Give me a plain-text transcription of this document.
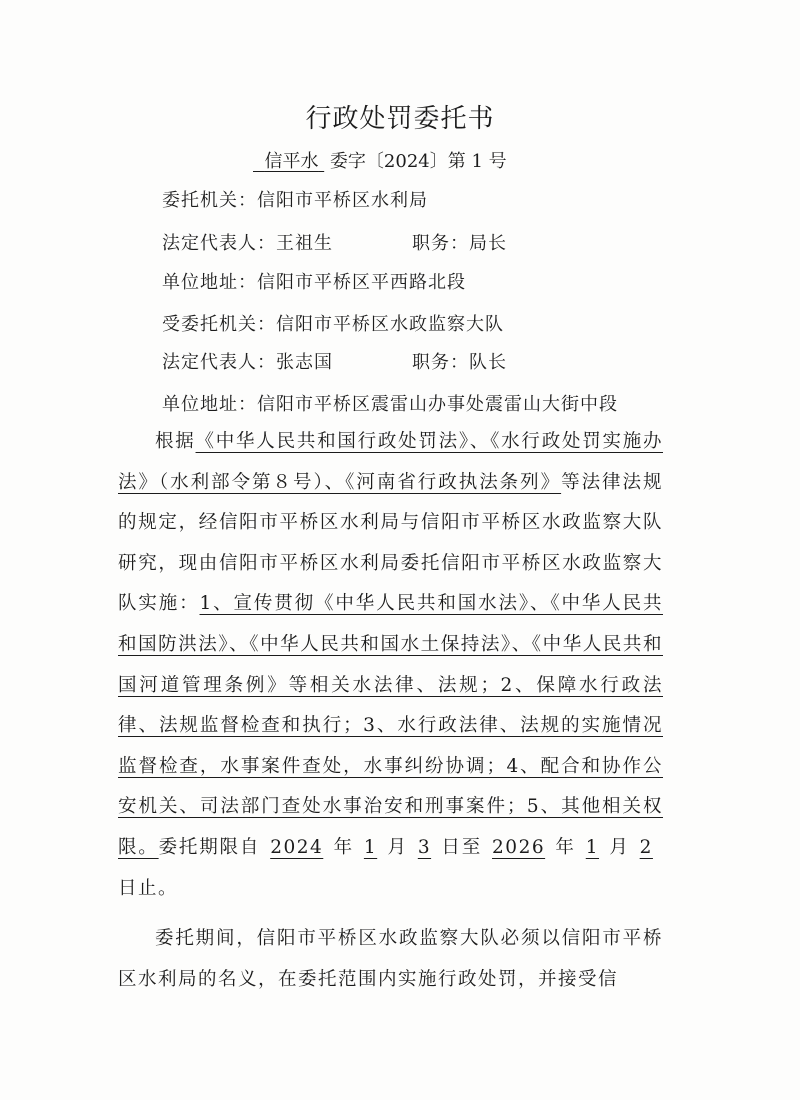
行政处罚委托书
信平水 委字〔2024〕第 1 号
委托机关：信阳市平桥区水利局
法定代表人：王祖生	职务：局长
单位地址：信阳市平桥区平西路北段
受委托机关：信阳市平桥区水政监察大队
法定代表人：张志国	职务：队长
单位地址：信阳市平桥区震雷山办事处震雷山大街中段

根据《中华人民共和国行政处罚法》、《水行政处罚实施办法》（水利部令第８号）、《河南省行政执法条列》等法律法规的规定，经信阳市平桥区水利局与信阳市平桥区水政监察大队研究，现由信阳市平桥区水利局委托信阳市平桥区水政监察大队实施：1、宣传贯彻《中华人民共和国水法》、《中华人民共和国防洪法》、《中华人民共和国水土保持法》、《中华人民共和国河道管理条例》等相关水法律、法规；2、保障水行政法律、法规监督检查和执行；3、水行政法律、法规的实施情况监督检查，水事案件查处，水事纠纷协调；4、配合和协作公安机关、司法部门查处水事治安和刑事案件；5、其他相关权限。委托期限自 2024 年 1 月 3 日至 2026 年 1 月 2日止。

委托期间，信阳市平桥区水政监察大队必须以信阳市平桥区水利局的名义，在委托范围内实施行政处罚，并接受信
